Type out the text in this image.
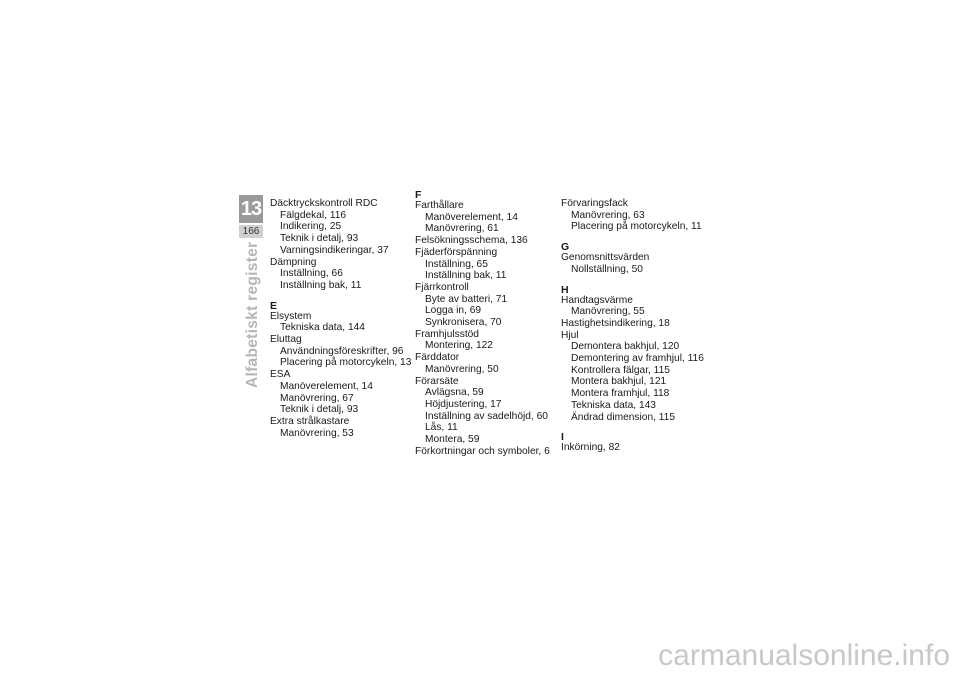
13
166
Alfabetiskt register
Däcktryckskontroll RDC
Fälgdekal, 116
Indikering, 25
Teknik i detalj, 93
Varningsindikeringar, 37
Dämpning
Inställning, 66
Inställning bak, 11
E
Elsystem
Tekniska data, 144
Eluttag
Användningsföreskrifter, 96
Placering på motorcykeln, 13
ESA
Manöverelement, 14
Manövrering, 67
Teknik i detalj, 93
Extra strålkastare
Manövrering, 53
F
Farthållare
Manöverelement, 14
Manövrering, 61
Felsökningsschema, 136
Fjäderförspänning
Inställning, 65
Inställning bak, 11
Fjärrkontroll
Byte av batteri, 71
Logga in, 69
Synkronisera, 70
Framhjulsstöd
Montering, 122
Färddator
Manövrering, 50
Förarsäte
Avlägsna, 59
Höjdjustering, 17
Inställning av sadelhöjd, 60
Lås, 11
Montera, 59
Förkortningar och symboler, 6
Förvaringsfack
Manövrering, 63
Placering på motorcykeln, 11
G
Genomsnittsvärden
Nollställning, 50
H
Handtagsvärme
Manövrering, 55
Hastighetsindikering, 18
Hjul
Demontera bakhjul, 120
Demontering av framhjul, 116
Kontrollera fälgar, 115
Montera bakhjul, 121
Montera framhjul, 118
Tekniska data, 143
Ändrad dimension, 115
I
Inkörning, 82
carmanualsonline.info
